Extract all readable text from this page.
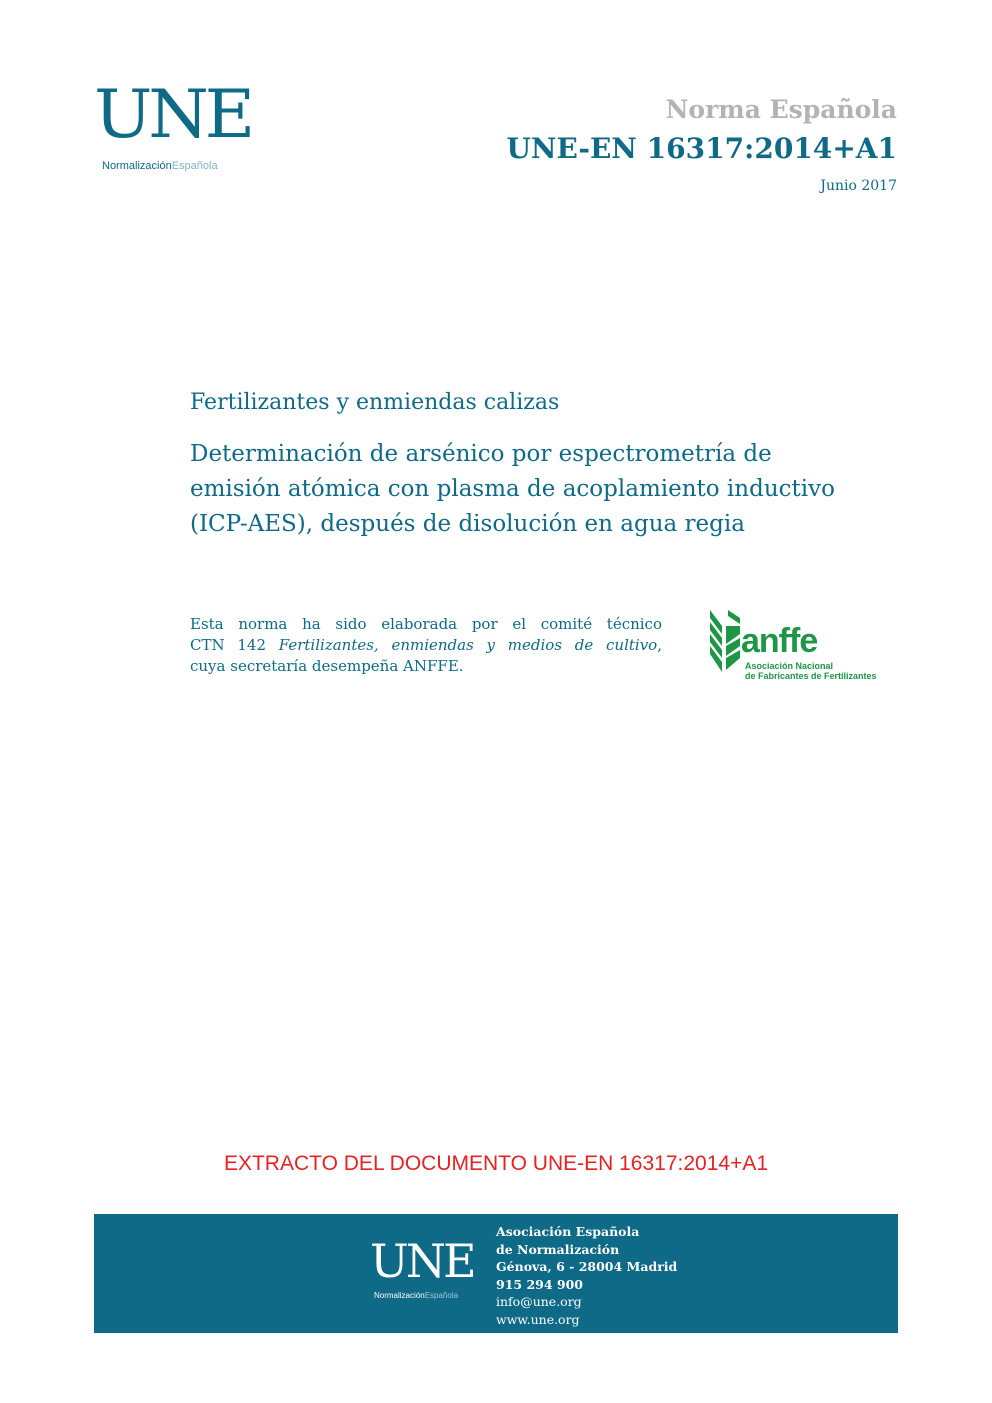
UNE
NormalizaciónEspañola
Norma Española
UNE-EN 16317:2014+A1
Junio 2017
Fertilizantes y enmiendas calizas
Determinación de arsénico por espectrometría de
emisión atómica con plasma de acoplamiento inductivo
(ICP-AES), después de disolución en agua regia
Esta norma ha sido elaborada por el comité técnico
CTN 142 Fertilizantes, enmiendas y medios de cultivo,
cuya secretaría desempeña ANFFE.
anffe
Asociación Nacional
de Fabricantes de Fertilizantes
EXTRACTO DEL DOCUMENTO UNE-EN 16317:2014+A1
UNE
NormalizaciónEspañola
Asociación Española
de Normalización
Génova, 6 - 28004 Madrid
915 294 900
info@une.org
www.une.org
